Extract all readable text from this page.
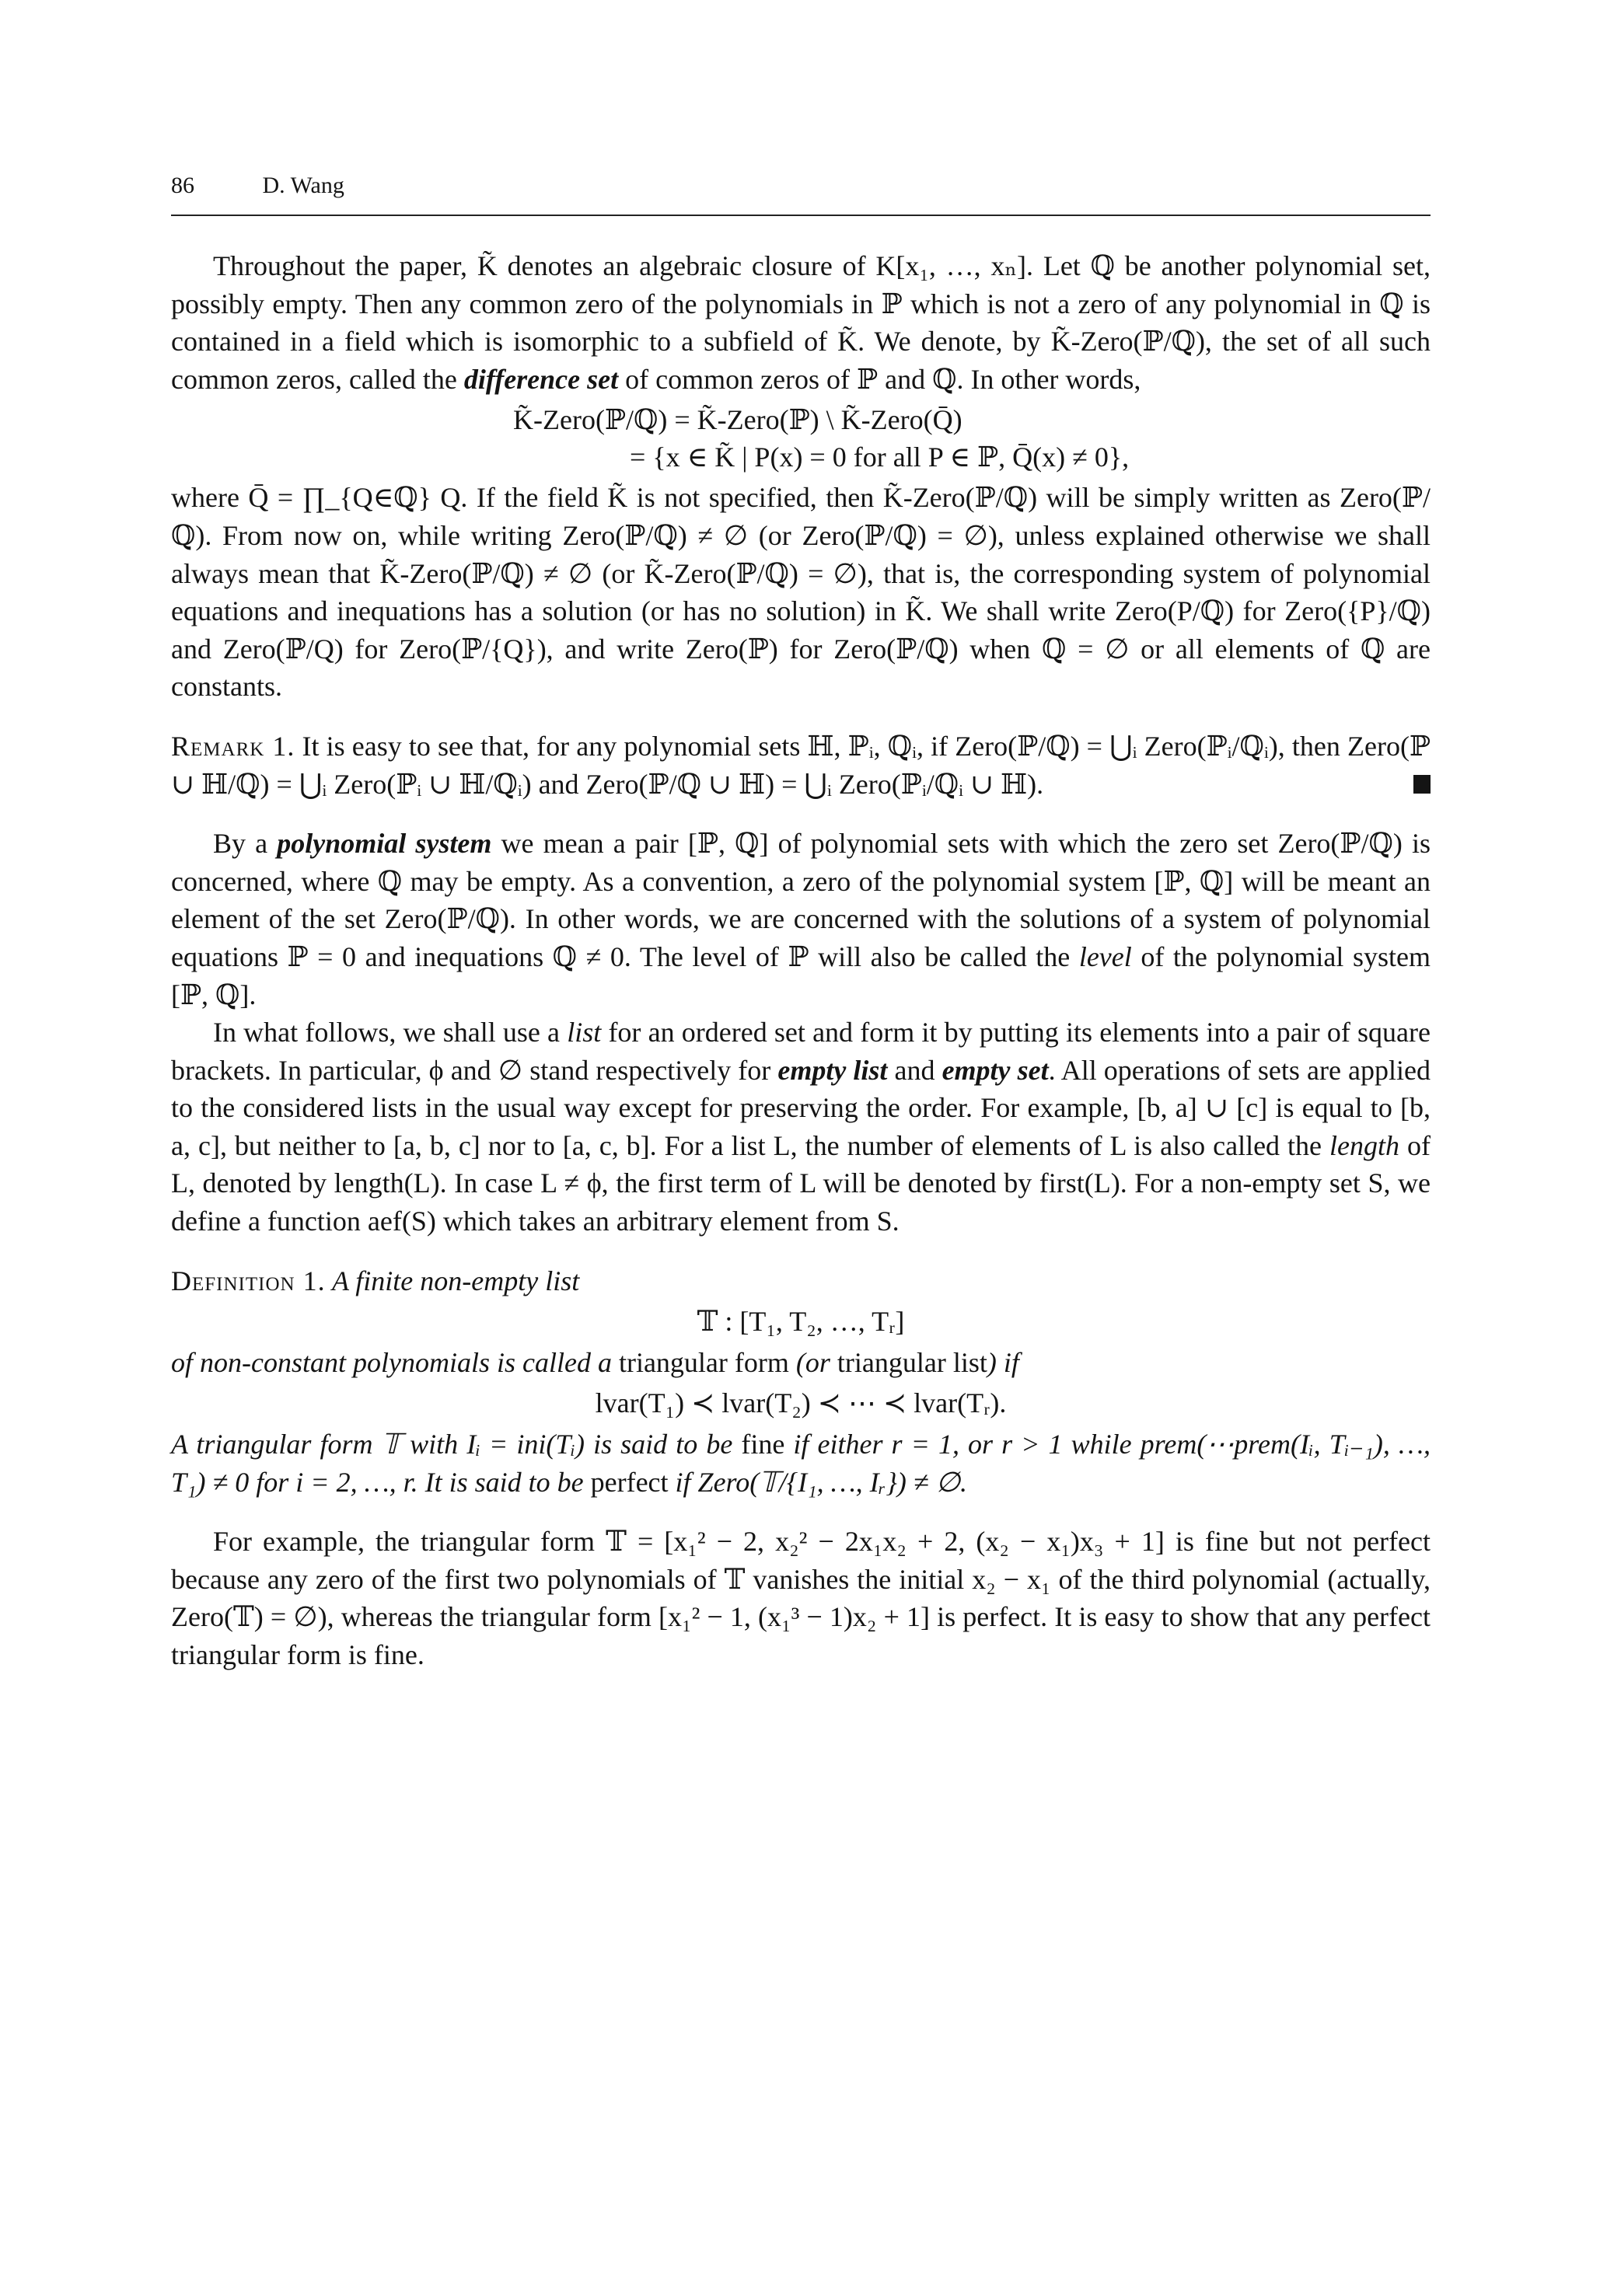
86	D. Wang

Throughout the paper, K̃ denotes an algebraic closure of K[x₁, …, xₙ]. Let ℚ be another polynomial set, possibly empty. Then any common zero of the polynomials in ℙ which is not a zero of any polynomial in ℚ is contained in a field which is isomorphic to a subfield of K̃. We denote, by K̃-Zero(ℙ/ℚ), the set of all such common zeros, called the difference set of common zeros of ℙ and ℚ. In other words,

K̃-Zero(ℙ/ℚ) = K̃-Zero(ℙ) \ K̃-Zero(Q̄)
= {x ∈ K̃ | P(x) = 0 for all P ∈ ℙ, Q̄(x) ≠ 0},

where Q̄ = ∏_{Q∈ℚ} Q. If the field K̃ is not specified, then K̃-Zero(ℙ/ℚ) will be simply written as Zero(ℙ/ℚ). From now on, while writing Zero(ℙ/ℚ) ≠ ∅ (or Zero(ℙ/ℚ) = ∅), unless explained otherwise we shall always mean that K̃-Zero(ℙ/ℚ) ≠ ∅ (or K̃-Zero(ℙ/ℚ) = ∅), that is, the corresponding system of polynomial equations and inequations has a solution (or has no solution) in K̃. We shall write Zero(P/ℚ) for Zero({P}/ℚ) and Zero(ℙ/Q) for Zero(ℙ/{Q}), and write Zero(ℙ) for Zero(ℙ/ℚ) when ℚ = ∅ or all elements of ℚ are constants.

Remark 1. It is easy to see that, for any polynomial sets ℍ, ℙᵢ, ℚᵢ, if Zero(ℙ/ℚ) = ⋃ᵢ Zero(ℙᵢ/ℚᵢ), then Zero(ℙ ∪ ℍ/ℚ) = ⋃ᵢ Zero(ℙᵢ ∪ ℍ/ℚᵢ) and Zero(ℙ/ℚ ∪ ℍ) = ⋃ᵢ Zero(ℙᵢ/ℚᵢ ∪ ℍ).

By a polynomial system we mean a pair [ℙ, ℚ] of polynomial sets with which the zero set Zero(ℙ/ℚ) is concerned, where ℚ may be empty. As a convention, a zero of the polynomial system [ℙ, ℚ] will be meant an element of the set Zero(ℙ/ℚ). In other words, we are concerned with the solutions of a system of polynomial equations ℙ = 0 and inequations ℚ ≠ 0. The level of ℙ will also be called the level of the polynomial system [ℙ, ℚ].

In what follows, we shall use a list for an ordered set and form it by putting its elements into a pair of square brackets. In particular, ϕ and ∅ stand respectively for empty list and empty set. All operations of sets are applied to the considered lists in the usual way except for preserving the order. For example, [b, a] ∪ [c] is equal to [b, a, c], but neither to [a, b, c] nor to [a, c, b]. For a list L, the number of elements of L is also called the length of L, denoted by length(L). In case L ≠ ϕ, the first term of L will be denoted by first(L). For a non-empty set S, we define a function aef(S) which takes an arbitrary element from S.

Definition 1. A finite non-empty list

𝕋 : [T₁, T₂, …, Tᵣ]

of non-constant polynomials is called a triangular form (or triangular list) if

lvar(T₁) ≺ lvar(T₂) ≺ ⋯ ≺ lvar(Tᵣ).

A triangular form 𝕋 with Iᵢ = ini(Tᵢ) is said to be fine if either r = 1, or r > 1 while prem(⋯prem(Iᵢ, Tᵢ₋₁), …, T₁) ≠ 0 for i = 2, …, r. It is said to be perfect if Zero(𝕋/{I₁, …, Iᵣ}) ≠ ∅.

For example, the triangular form 𝕋 = [x₁² − 2, x₂² − 2x₁x₂ + 2, (x₂ − x₁)x₃ + 1] is fine but not perfect because any zero of the first two polynomials of 𝕋 vanishes the initial x₂ − x₁ of the third polynomial (actually, Zero(𝕋) = ∅), whereas the triangular form [x₁² − 1, (x₁³ − 1)x₂ + 1] is perfect. It is easy to show that any perfect triangular form is fine.
